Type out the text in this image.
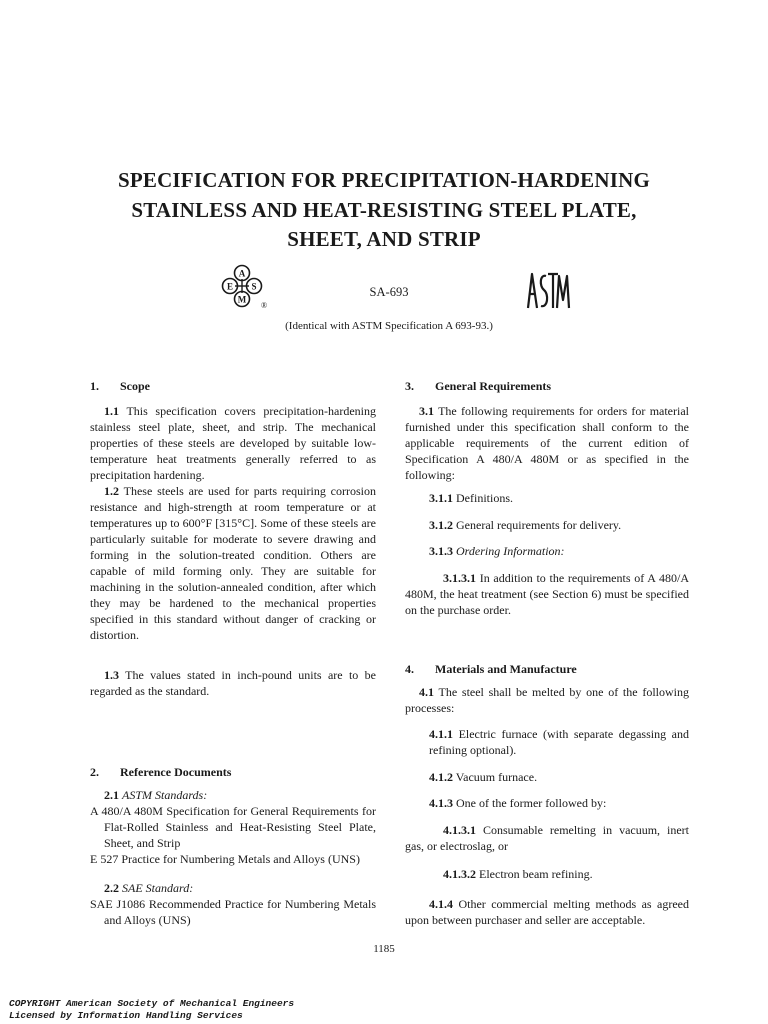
SPECIFICATION FOR PRECIPITATION-HARDENING
STAINLESS AND HEAT-RESISTING STEEL PLATE,
SHEET, AND STRIP
A
E S
M
®
SA-693
(Identical with ASTM Specification A 693-93.)
1. Scope
1.1 This specification covers precipitation-hardening stainless steel plate, sheet, and strip. The mechanical properties of these steels are developed by suitable low-temperature heat treatments generally referred to as precipitation hardening.
1.2 These steels are used for parts requiring corrosion resistance and high-strength at room temperature or at temperatures up to 600°F [315°C]. Some of these steels are particularly suitable for moderate to severe drawing and forming in the solution-treated condition. Others are capable of mild forming only. They are suitable for machining in the solution-annealed condition, after which they may be hardened to the mechanical properties specified in this standard without danger of cracking or distortion.
1.3 The values stated in inch-pound units are to be regarded as the standard.
2. Reference Documents
2.1 ASTM Standards:
A 480/A 480M Specification for General Requirements for Flat-Rolled Stainless and Heat-Resisting Steel Plate, Sheet, and Strip
E 527 Practice for Numbering Metals and Alloys (UNS)
2.2 SAE Standard:
SAE J1086 Recommended Practice for Numbering Metals and Alloys (UNS)
3. General Requirements
3.1 The following requirements for orders for material furnished under this specification shall conform to the applicable requirements of the current edition of Specification A 480/A 480M or as specified in the following:
3.1.1 Definitions.
3.1.2 General requirements for delivery.
3.1.3 Ordering Information:
3.1.3.1 In addition to the requirements of A 480/A 480M, the heat treatment (see Section 6) must be specified on the purchase order.
4. Materials and Manufacture
4.1 The steel shall be melted by one of the following processes:
4.1.1 Electric furnace (with separate degassing and refining optional).
4.1.2 Vacuum furnace.
4.1.3 One of the former followed by:
4.1.3.1 Consumable remelting in vacuum, inert gas, or electroslag, or
4.1.3.2 Electron beam refining.
4.1.4 Other commercial melting methods as agreed upon between purchaser and seller are acceptable.
1185
COPYRIGHT American Society of Mechanical Engineers
Licensed by Information Handling Services
